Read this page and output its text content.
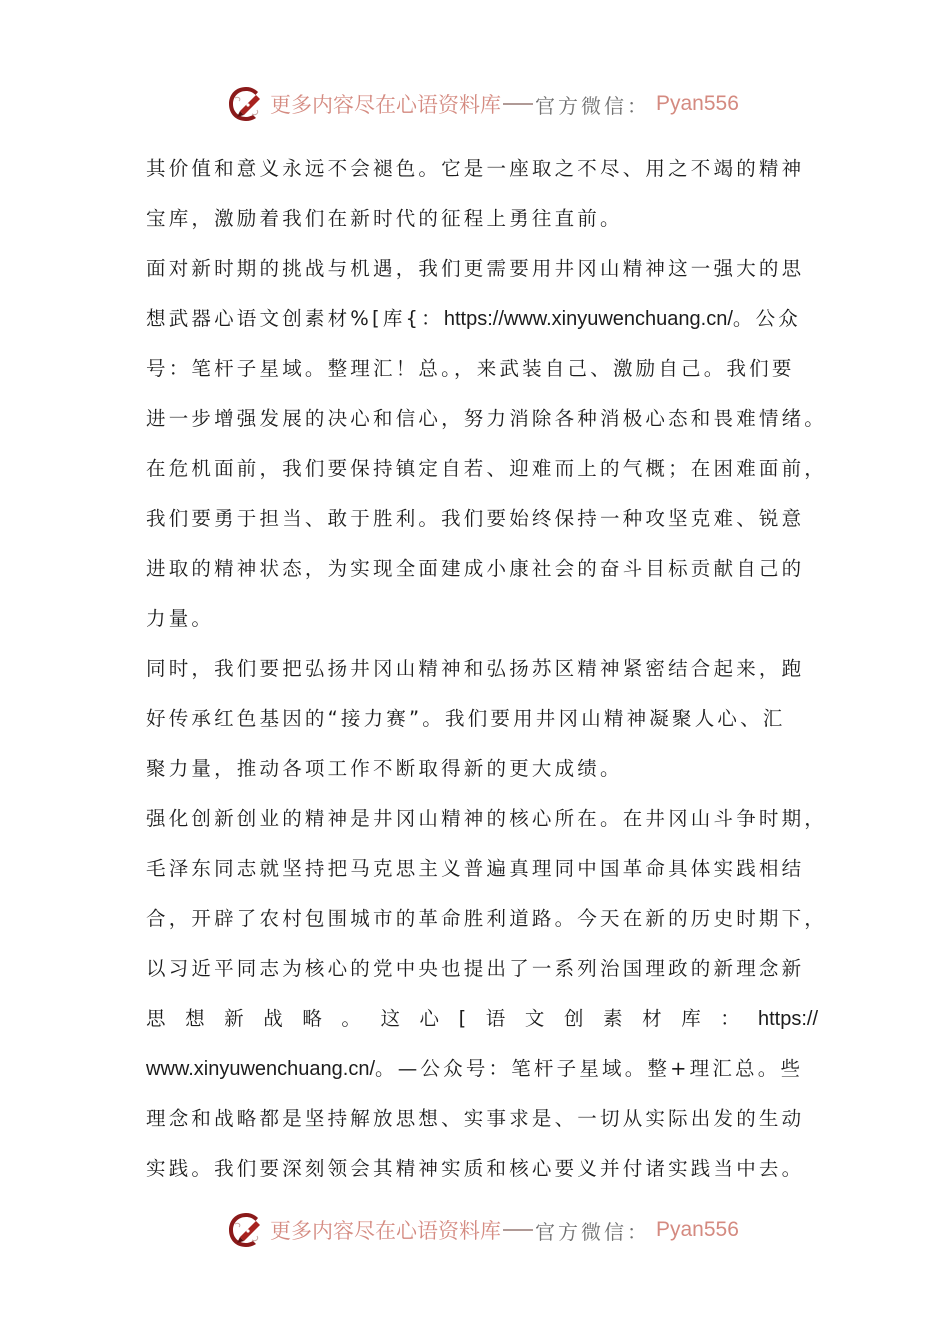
更多内容尽在心语资料库 官方微信： Pyan556
其价值和意义永远不会褪色。它是一座取之不尽、用之不竭的精神
宝库，激励着我们在新时代的征程上勇往直前。
面对新时期的挑战与机遇，我们更需要用井冈山精神这一强大的思
想武器心语文创素材%[库{：https://www.xinyuwenchuang.cn/。公众
号：笔杆子星域。整理汇！总。，来武装自己、激励自己。我们要
进一步增强发展的决心和信心，努力消除各种消极心态和畏难情绪。
在危机面前，我们要保持镇定自若、迎难而上的气概；在困难面前，
我们要勇于担当、敢于胜利。我们要始终保持一种攻坚克难、锐意
进取的精神状态，为实现全面建成小康社会的奋斗目标贡献自己的
力量。
同时，我们要把弘扬井冈山精神和弘扬苏区精神紧密结合起来，跑
好传承红色基因的“接力赛”。我们要用井冈山精神凝聚人心、汇
聚力量，推动各项工作不断取得新的更大成绩。
强化创新创业的精神是井冈山精神的核心所在。在井冈山斗争时期，
毛泽东同志就坚持把马克思主义普遍真理同中国革命具体实践相结
合，开辟了农村包围城市的革命胜利道路。今天在新的历史时期下，
以习近平同志为核心的党中央也提出了一系列治国理政的新理念新
思 想 新 战 略 。 这 心 [ 语 文 创 素 材 库 ： https://
www.xinyuwenchuang.cn/。—公众号：笔杆子星域。整+理汇总。些
理念和战略都是坚持解放思想、实事求是、一切从实际出发的生动
实践。我们要深刻领会其精神实质和核心要义并付诸实践当中去。
更多内容尽在心语资料库 官方微信： Pyan556
